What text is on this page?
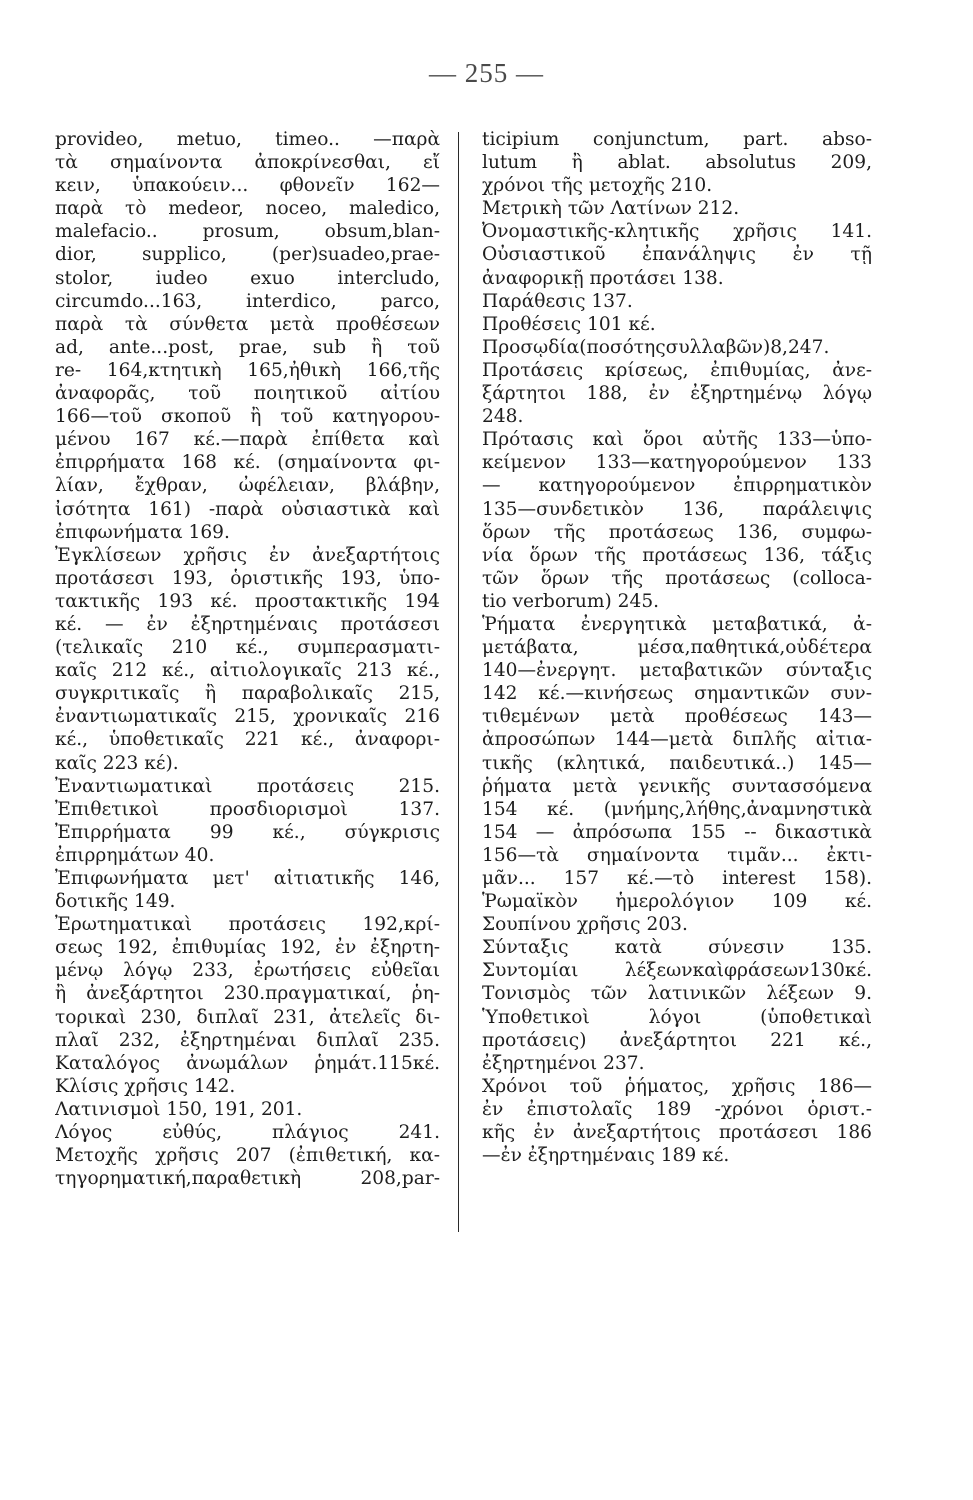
— 255 —
provideo, metuo, timeo.. —παρὰ
τὰ σημαίνοντα ἀποκρίνεσθαι, εἴ
κειν, ὑπακούειν... φθονεῖν 162—
παρὰ τὸ medeor, noceo, maledico,
malefacio.. prosum, obsum,blan-
dior, supplico, (per)suadeo,prae-
stolor, iudeo exuo intercludo,
circumdo...163, interdico, parco,
παρὰ τὰ σύνθετα μετὰ προθέσεων
ad, ante...post, prae, sub ἢ τοῦ
re- 164,κτητικὴ 165,ἠθικὴ 166,τῆς
ἀναφορᾶς, τοῦ ποιητικοῦ αἰτίου
166—τοῦ σκοποῦ ἢ τοῦ κατηγορου-
μένου 167 κέ.—παρὰ ἐπίθετα καὶ
ἐπιρρήματα 168 κέ. (σημαίνοντα φι-
λίαν, ἔχθραν, ὠφέλειαν, βλάβην,
ἰσότητα 161) -παρὰ οὐσιαστικὰ καὶ
ἐπιφωνήματα 169.
Ἐγκλίσεων χρῆσις ἐν ἀνεξαρτήτοις
προτάσεσι 193, ὁριστικῆς 193, ὑπο-
τακτικῆς 193 κέ. προστακτικῆς 194
κέ. — ἐν ἐξηρτημέναις προτάσεσι
(τελικαῖς 210 κέ., συμπερασματι-
καῖς 212 κέ., αἰτιολογικαῖς 213 κέ.,
συγκριτικαῖς ἢ παραβολικαῖς 215,
ἐναντιωματικαῖς 215, χρονικαῖς 216
κέ., ὑποθετικαῖς 221 κέ., ἀναφορι-
καῖς 223 κέ).
Ἐναντιωματικαὶ προτάσεις 215.
Ἐπιθετικοὶ προσδιορισμοὶ 137.
Ἐπιρρήματα 99 κέ., σύγκρισις
ἐπιρρημάτων 40.
Ἐπιφωνήματα μετ' αἰτιατικῆς 146,
δοτικῆς 149.
Ἐρωτηματικαὶ προτάσεις 192,κρί-
σεως 192, ἐπιθυμίας 192, ἐν ἐξηρτη-
μένῳ λόγῳ 233, ἐρωτήσεις εὐθεῖαι
ἢ ἀνεξάρτητοι 230.πραγματικαί, ῥη-
τορικαὶ 230, διπλαῖ 231, ἀτελεῖς δι-
πλαῖ 232, ἐξηρτημέναι διπλαῖ 235.
Καταλόγος ἀνωμάλων ῥημάτ.115κέ.
Κλίσις χρῆσις 142.
Λατινισμοὶ 150, 191, 201.
Λόγος εὐθύς, πλάγιος 241.
Μετοχῆς χρῆσις 207 (ἐπιθετική, κα-
τηγορηματική,παραθετικὴ 208,par-
ticipium conjunctum, part. abso-
lutum ἢ ablat. absolutus 209,
χρόνοι τῆς μετοχῆς 210.
Μετρικὴ τῶν Λατίνων 212.
Ὀνομαστικῆς-κλητικῆς χρῆσις 141.
Οὐσιαστικοῦ ἐπανάληψις ἐν τῇ
ἀναφορικῇ προτάσει 138.
Παράθεσις 137.
Προθέσεις 101 κέ.
Προσῳδία(ποσότηςσυλλαβῶν)8,247.
Προτάσεις κρίσεως, ἐπιθυμίας, ἀνε-
ξάρτητοι 188, ἐν ἐξηρτημένῳ λόγῳ
248.
Πρότασις καὶ ὅροι αὐτῆς 133—ὑπο-
κείμενον 133—κατηγορούμενον 133
— κατηγορούμενον ἐπιρρηματικὸν
135—συνδετικὸν 136, παράλειψις
ὅρων τῆς προτάσεως 136, συμφω-
νία ὅρων τῆς προτάσεως 136, τάξις
τῶν ὅρων τῆς προτάσεως (colloca-
tio verborum) 245.
Ῥήματα ἐνεργητικὰ μεταβατικά, ἀ-
μετάβατα, μέσα,παθητικά,οὐδέτερα
140—ἐνεργητ. μεταβατικῶν σύνταξις
142 κέ.—κινήσεως σημαντικῶν συν-
τιθεμένων μετὰ προθέσεως 143—
ἀπροσώπων 144—μετὰ διπλῆς αἰτια-
τικῆς (κλητικά, παιδευτικά..) 145—
ῥήματα μετὰ γενικῆς συντασσόμενα
154 κέ. (μνήμης,λήθης,ἀναμνηστικὰ
154 — ἀπρόσωπα 155 -- δικαστικὰ
156—τὰ σημαίνοντα τιμᾶν... ἐκτι-
μᾶν... 157 κέ.—τὸ interest 158).
Ῥωμαϊκὸν ἡμερολόγιον 109 κέ.
Σουπίνου χρῆσις 203.
Σύνταξις κατὰ σύνεσιν 135.
Συντομίαι λέξεωνκαὶφράσεων130κέ.
Τονισμὸς τῶν λατινικῶν λέξεων 9.
Ὑποθετικοὶ λόγοι (ὑποθετικαὶ
προτάσεις) ἀνεξάρτητοι 221 κέ.,
ἐξηρτημένοι 237.
Χρόνοι τοῦ ῥήματος, χρῆσις 186—
ἐν ἐπιστολαῖς 189 -χρόνοι ὁριστ.-
κῆς ἐν ἀνεξαρτήτοις προτάσεσι 186
—ἐν ἐξηρτημέναις 189 κέ.
